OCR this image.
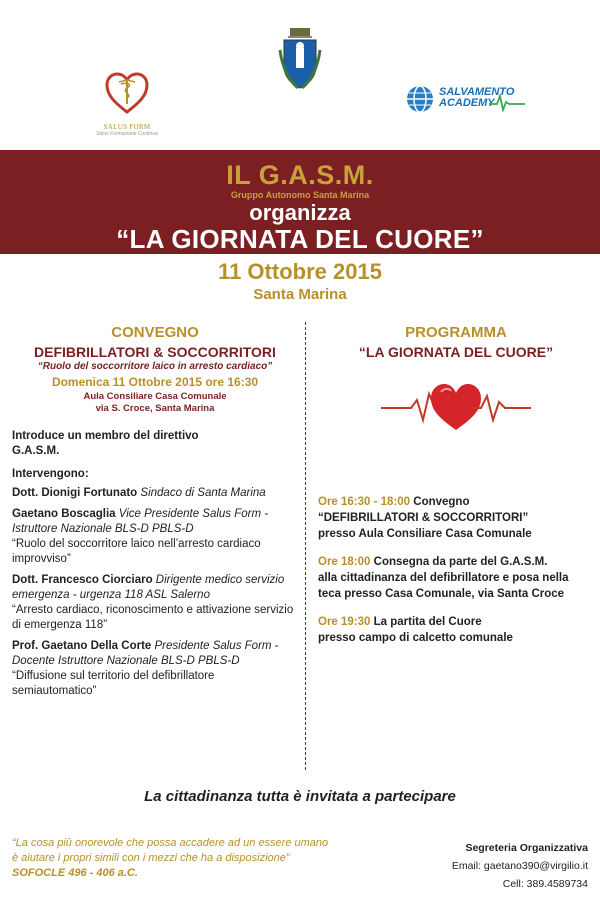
SALUS FORM
Salus Formazione Continua
SALVAMENTO
ACADEMY
IL G.A.S.M.
Gruppo Autonomo Santa Marina
organizza
“LA GIORNATA DEL CUORE”
11 Ottobre 2015
Santa Marina
CONVEGNO
DEFIBRILLATORI & SOCCORRITORI
“Ruolo del soccorritore laico in arresto cardiaco”
Domenica 11 Ottobre 2015 ore 16:30
Aula Consiliare Casa Comunale
via S. Croce, Santa Marina
Introduce un membro del direttivo
G.A.S.M.
Intervengono:
Dott. Dionigi Fortunato Sindaco di Santa Marina
Gaetano Boscaglia Vice Presidente Salus Form - Istruttore Nazionale BLS-D PBLS-D
“Ruolo del soccorritore laico nell’arresto cardiaco improvviso”
Dott. Francesco Ciorciaro Dirigente medico servizio emergenza - urgenza 118 ASL Salerno
“Arresto cardiaco, riconoscimento e attivazione servizio di emergenza 118”
Prof. Gaetano Della Corte Presidente Salus Form - Docente Istruttore Nazionale BLS-D PBLS-D
“Diffusione sul territorio del defibrillatore semiautomatico”
PROGRAMMA
“LA GIORNATA DEL CUORE”
Ore 16:30 - 18:00 Convegno
“DEFIBRILLATORI & SOCCORRITORI”
presso Aula Consiliare Casa Comunale
Ore 18:00 Consegna da parte del G.A.S.M.
alla cittadinanza del defibrillatore e posa nella teca presso Casa Comunale, via Santa Croce
Ore 19:30 La partita del Cuore
presso campo di calcetto comunale
La cittadinanza tutta è invitata a partecipare
“La cosa più onorevole che possa accadere ad un essere umano
è aiutare i propri simili con i mezzi che ha a disposizione”
SOFOCLE 496 - 406 a.C.
Segreteria Organizzativa
Email: gaetano390@virgilio.it
Cell: 389.4589734
